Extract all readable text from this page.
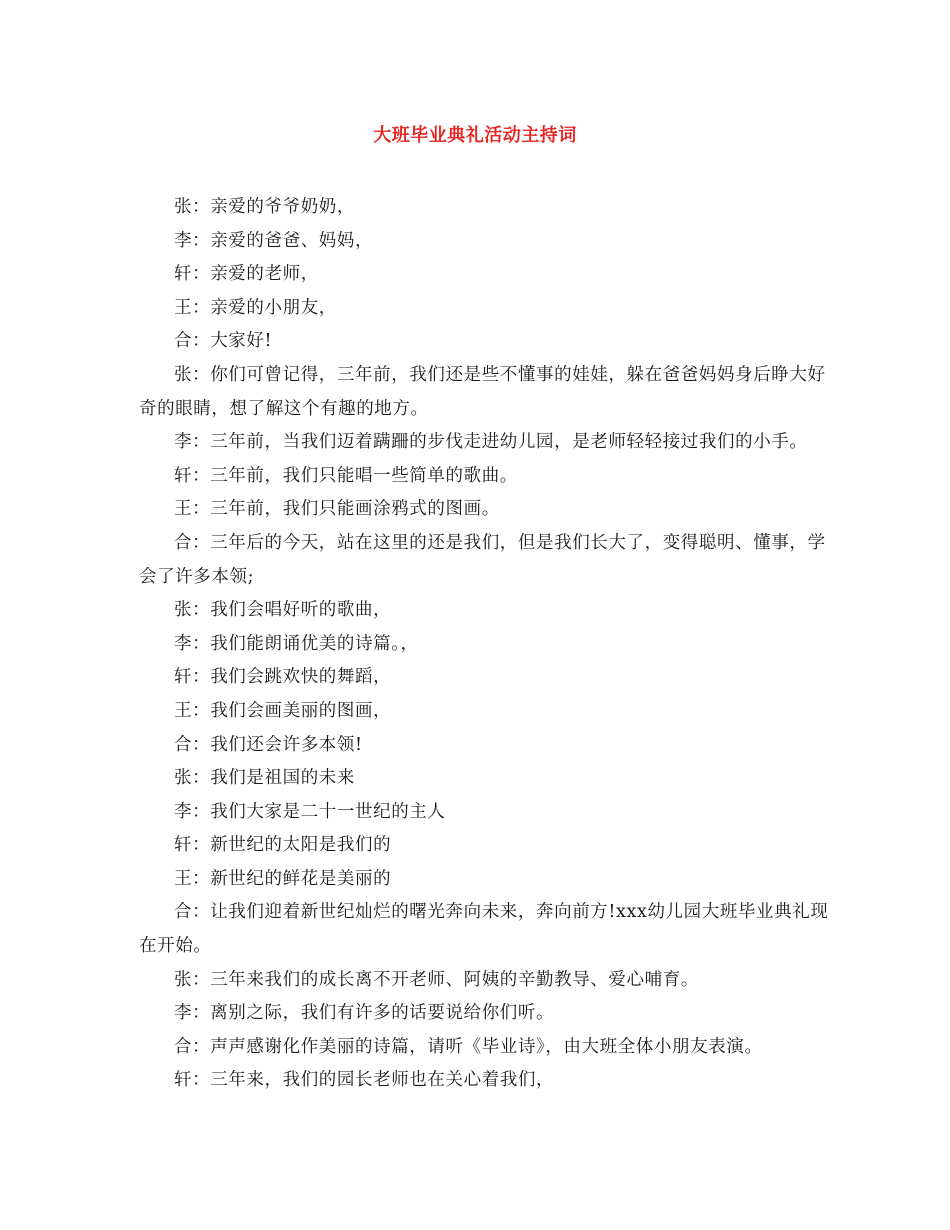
大班毕业典礼活动主持词

张：亲爱的爷爷奶奶，

李：亲爱的爸爸、妈妈，

轩：亲爱的老师，

王：亲爱的小朋友，

合：大家好!

张：你们可曾记得，三年前，我们还是些不懂事的娃娃，躲在爸爸妈妈身后睁大好奇的眼睛，想了解这个有趣的地方。

李：三年前，当我们迈着蹒跚的步伐走进幼儿园，是老师轻轻接过我们的小手。

轩：三年前，我们只能唱一些简单的歌曲。

王：三年前，我们只能画涂鸦式的图画。

合：三年后的今天，站在这里的还是我们，但是我们长大了，变得聪明、懂事，学会了许多本领;

张：我们会唱好听的歌曲，

李：我们能朗诵优美的诗篇。，

轩：我们会跳欢快的舞蹈，

王：我们会画美丽的图画，

合：我们还会许多本领!

张：我们是祖国的未来

李：我们大家是二十一世纪的主人

轩：新世纪的太阳是我们的

王：新世纪的鲜花是美丽的

合：让我们迎着新世纪灿烂的曙光奔向未来，奔向前方!xxx幼儿园大班毕业典礼现在开始。

张：三年来我们的成长离不开老师、阿姨的辛勤教导、爱心哺育。

李：离别之际，我们有许多的话要说给你们听。

合：声声感谢化作美丽的诗篇，请听《毕业诗》，由大班全体小朋友表演。

轩：三年来，我们的园长老师也在关心着我们，
